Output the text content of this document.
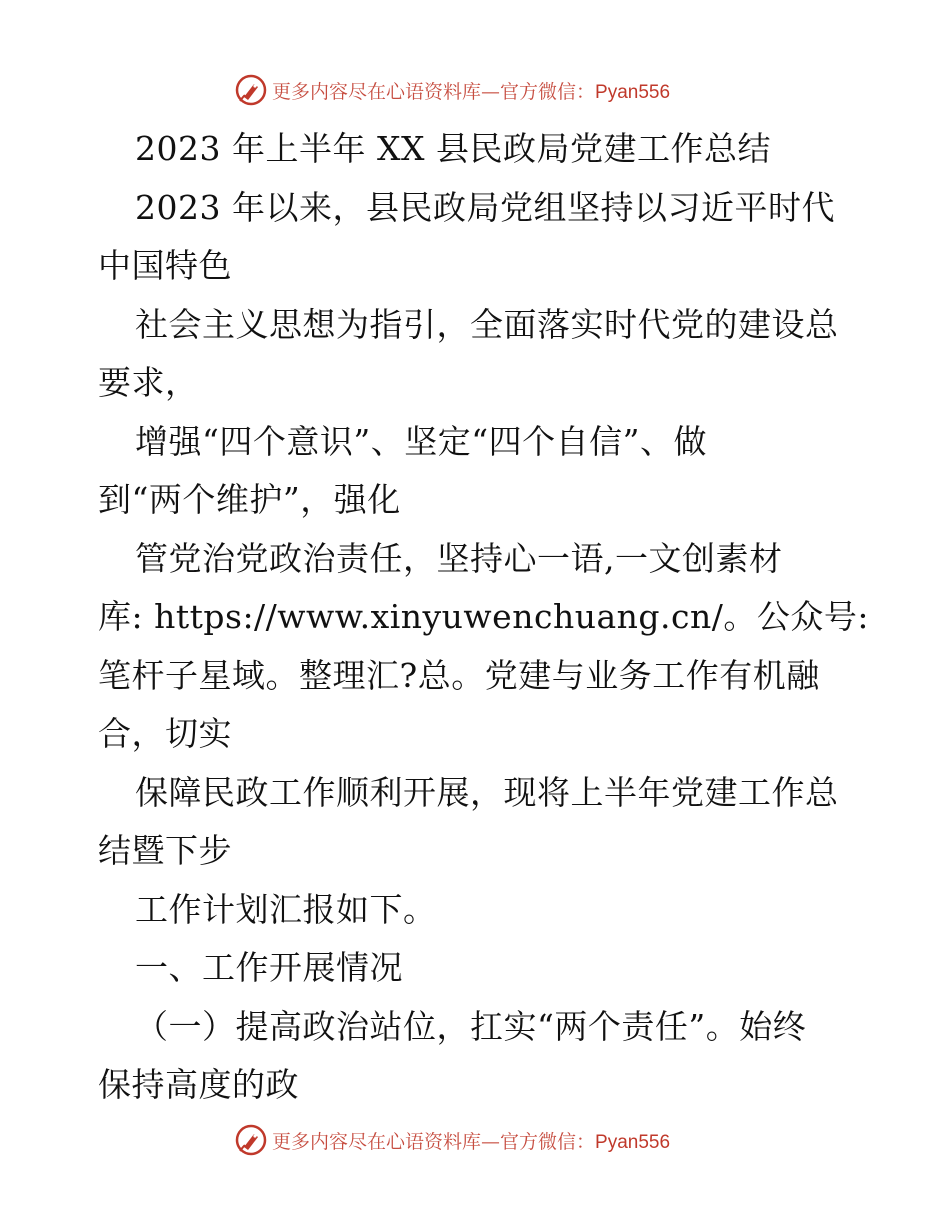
更多内容尽在心语资料库—官方微信：Pyan556
2023 年上半年 XX 县民政局党建工作总结
2023 年以来，县民政局党组坚持以习近平时代
中国特色
社会主义思想为指引，全面落实时代党的建设总
要求，
增强“四个意识”、坚定“四个自信”、做
到“两个维护”，强化
管党治党政治责任，坚持心一语,一文创素材
库: https://www.xinyuwenchuang.cn/。公众号:
笔杆子星域。整理汇?总。党建与业务工作有机融
合，切实
保障民政工作顺利开展，现将上半年党建工作总
结暨下步
工作计划汇报如下。
一、工作开展情况
（一）提高政治站位，扛实“两个责任”。始终
保持高度的政
更多内容尽在心语资料库—官方微信：Pyan556
